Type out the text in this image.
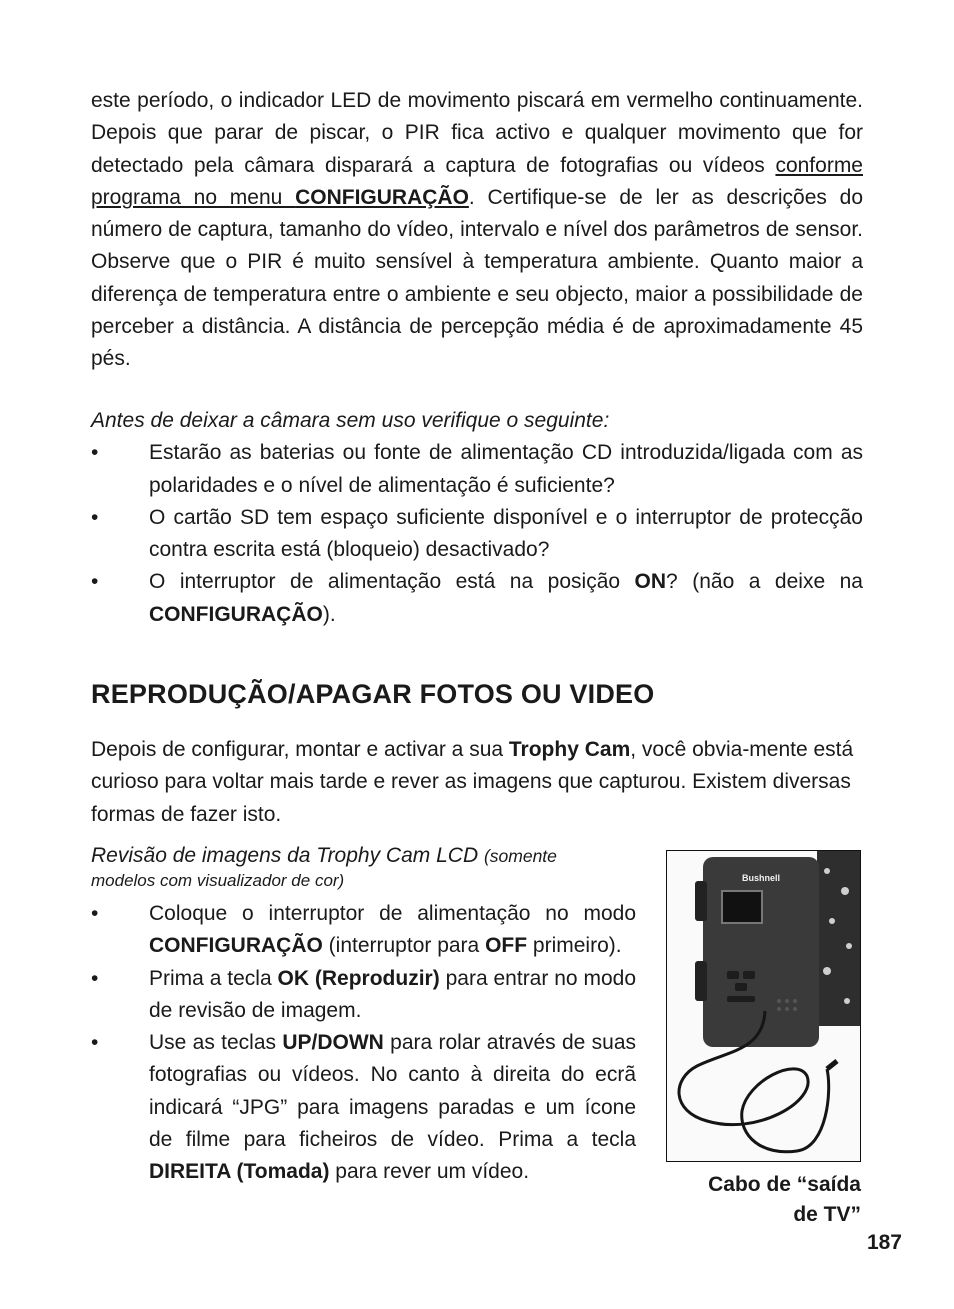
este período, o indicador LED de movimento piscará em vermelho continuamente. Depois que parar de piscar, o PIR fica activo e qualquer movimento que for detectado pela câmara disparará a captura de fotografias ou vídeos conforme programa no menu CONFIGURAÇÃO. Certifique-se de ler as descrições do número de captura, tamanho do vídeo, intervalo e nível dos parâmetros de sensor. Observe que o PIR é muito sensível à temperatura ambiente. Quanto maior a diferença de temperatura entre o ambiente e seu objecto, maior a possibilidade de perceber a distância. A distância de percepção média é de aproximadamente 45 pés.

Antes de deixar a câmara sem uso verifique o seguinte:

•	Estarão as baterias ou fonte de alimentação CD introduzida/ligada com as polaridades e o nível de alimentação é suficiente?
•	O cartão SD tem espaço suficiente disponível e o interruptor de protecção contra escrita está (bloqueio) desactivado?
•	O interruptor de alimentação está na posição ON? (não a deixe na CONFIGURAÇÃO).
REPRODUÇÃO/APAGAR FOTOS OU VIDEO

Depois de configurar, montar e activar a sua Trophy Cam, você obvia-mente está curioso para voltar mais tarde e rever as imagens que capturou. Existem diversas formas de fazer isto.

Revisão de imagens da Trophy Cam LCD (somente
modelos com visualizador de cor)
•	Coloque o interruptor de alimentação no modo CONFIGURAÇÃO (interruptor para OFF primeiro).
•	Prima a tecla OK (Reproduzir) para entrar no modo de revisão de imagem.
•	Use as teclas UP/DOWN para rolar através de suas fotografias ou vídeos. No canto à direita do ecrã indicará “JPG” para imagens paradas e um ícone de filme para ficheiros de vídeo. Prima a tecla DIREITA (Tomada) para rever um vídeo.
Bushnell
Cabo de “saída
de TV”
187
